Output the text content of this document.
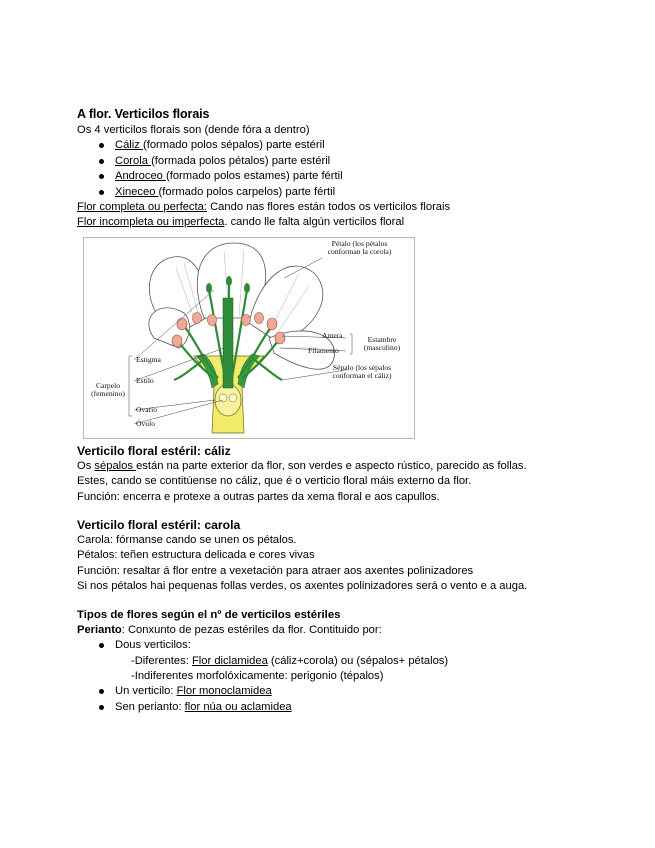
A flor. Verticilos florais

Os 4 verticilos florais son (dende fóra a dentro)

Cáliz (formado polos sépalos) parte estéril
Corola (formada polos pétalos) parte estéril
Androceo (formado polos estames) parte fértil
Xineceo (formado polos carpelos) parte fértil

Flor completa ou perfecta: Cando nas flores están todos os verticilos florais

Flor incompleta ou imperfecta. cando lle falta algún verticilos floral

Pétalo (los pétalos
conforman la corola)
Antera
Filamento
Estambre
(masculino)
Sépalo (los sépalos
conforman el cáliz)
Estigma
Estilo
Carpelo
(femenino)
Ovario
Óvulo
Verticilo floral estéril: cáliz

Os sépalos están na parte exterior da flor, son verdes e aspecto rústico, parecido as follas.

Estes, cando se contitúense no cáliz, que é o verticio floral máis externo da flor.

Función: encerra e protexe a outras partes da xema floral e aos capullos.

Verticilo floral estéril: carola

Carola: fórmanse cando se unen os pétalos.

Pétalos: teñen estructura delicada e cores vivas

Función: resaltar á flor entre a vexetación para atraer aos axentes polinizadores

Si nos pétalos hai pequenas follas verdes, os axentes polinizadores será o vento e a auga.

Tipos de flores según el nº de verticilos estériles

Perianto: Conxunto de pezas estériles da flor. Contituido por:

Dous verticilos:
-Diferentes: Flor diclamidea (cáliz+corola) ou (sépalos+ pétalos)
-Indiferentes morfolóxicamente: perigonio (tépalos)
Un verticilo: Flor monoclamidea
Sen perianto: flor núa ou aclamidea
